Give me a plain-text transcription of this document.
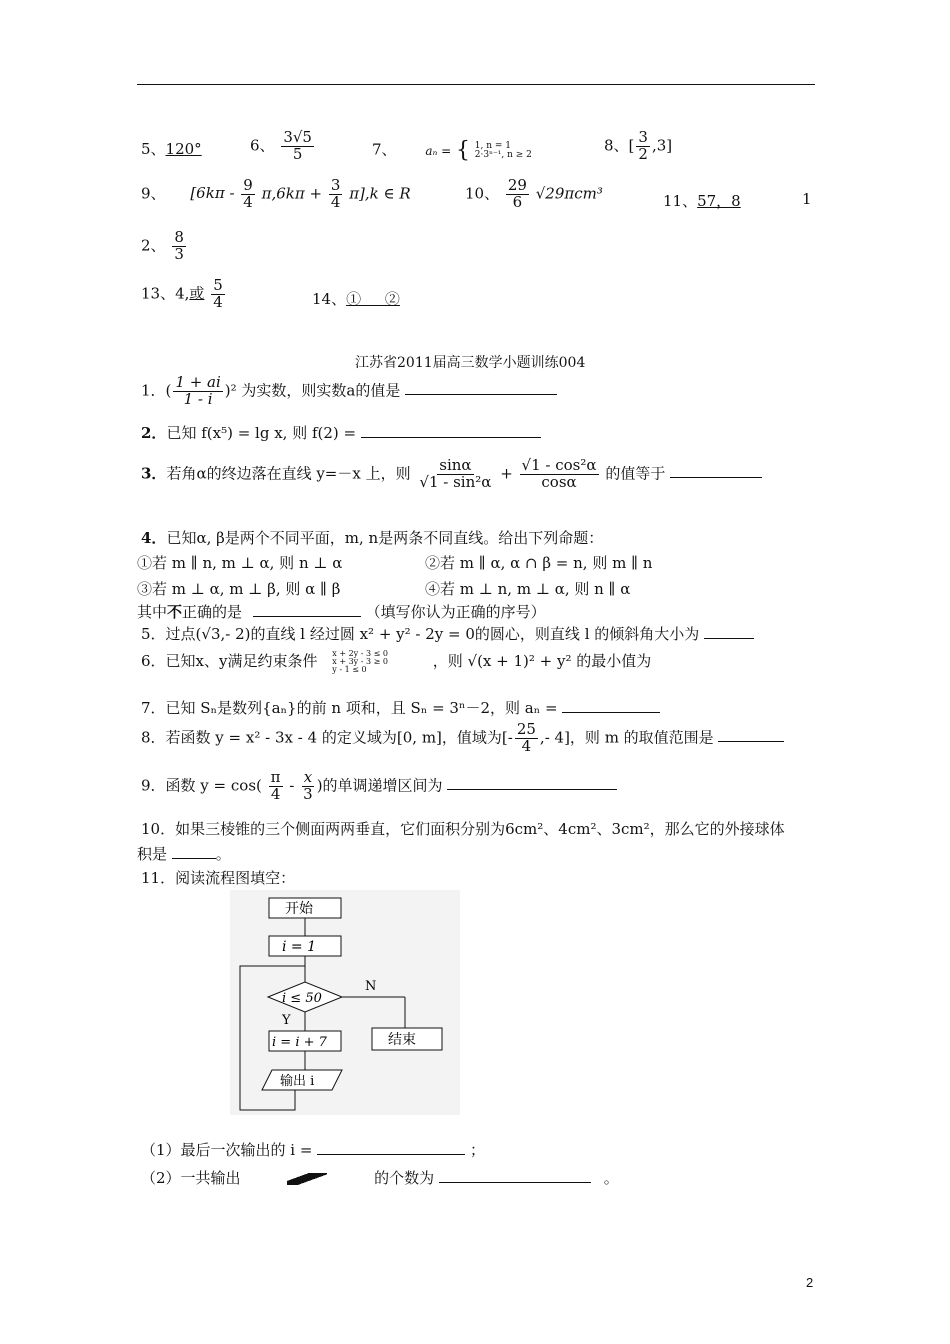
5、120°	6、 $\frac{3√5}{5}$	7、 aₙ = { 1, n = 1
2·3ⁿ⁻¹, n ≥ 2
8、[ $\frac{3}{2} ,3$]
9、 $[6k\pi - \frac{9}{4} \pi,6k\pi + \frac{3}{4} \pi],k$ ∈ R	10、 $\frac{29}{6} √29\pi cm^3$	11、57，8	1
2、 $\frac{8}{3}$
13、4,或 $\frac{5}{4}$	14、①     ②
江苏省2011届高三数学小题训练004
1．( $\frac{1 + ai}{1 - i} )^2$ 为实数，则实数a的值是
2．已知 f(x⁵) = lg x, 则 f(2) =
3．若角α的终边落在直线 y=－x 上，则 $\frac{\sin\alpha}{\text{√1 - sin²α}} + \frac{\text{√1 - cos²α}}{\cos\alpha}$ 的值等于
4．已知α, β是两个不同平面，m, n是两条不同直线。给出下列命题：
①若 m ∥ n, m ⊥ α, 则 n ⊥ α	②若 m ∥ α, α ∩ β = n, 则 m ∥ n
③若 m ⊥ α, m ⊥ β, 则 α ∥ β	④若 m ⊥ n, m ⊥ α, 则 n ∥ α
其中不正确的是	（填写你认为正确的序号）
5．过点(√3,- 2)的直线 l 经过圆 x² + y² - 2y = 0的圆心，则直线 l 的倾斜角大小为
6．已知x、y满足约束条件 x + 2y - 3 ≤ 0
x + 3y - 3 ≥ 0
y - 1 ≤ 0	，则 √(x + 1)² + y² 的最小值为
7．已知 Sₙ是数列{aₙ}的前 n 项和，且 Sₙ = 3ⁿ－2，则 aₙ =
8．若函数 y = x² - 3x - 4 的定义域为[0, m]，值域为[- $\frac{25}{4}$ ,- 4]，则 m 的取值范围是
9．函数 $y = \cos( \frac{\pi}{4} - \frac{x}{3}$ )的单调递增区间为
10．如果三棱锥的三个侧面两两垂直，它们面积分别为6cm²、4cm²、3cm²，那么它的外接球体
积是	。
11．阅读流程图填空：
开始
i = 1
i ≤ 50
N
Y
i = i + 7	结束
输出 i
（1）最后一次输出的 i =	；
（2）一共输出	的个数为	。
2
